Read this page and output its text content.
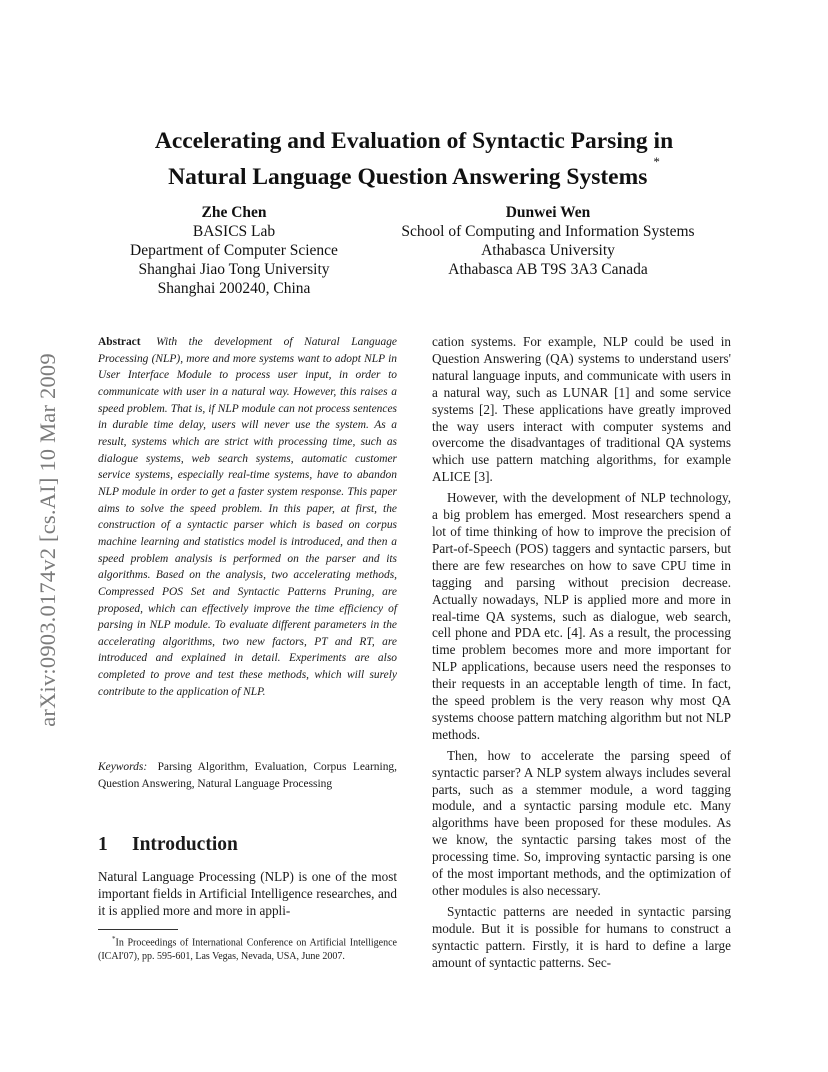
arXiv:0903.0174v2 [cs.AI] 10 Mar 2009
Accelerating and Evaluation of Syntactic Parsing in
Natural Language Question Answering Systems*
Zhe Chen
BASICS Lab
Department of Computer Science
Shanghai Jiao Tong University
Shanghai 200240, China
Dunwei Wen
School of Computing and Information Systems
Athabasca University
Athabasca AB T9S 3A3 Canada
Abstract With the development of Natural Language Processing (NLP), more and more systems want to adopt NLP in User Interface Module to process user input, in order to communicate with user in a natural way. However, this raises a speed problem. That is, if NLP module can not process sentences in durable time delay, users will never use the system. As a result, systems which are strict with processing time, such as dialogue systems, web search systems, automatic customer service systems, especially real-time systems, have to abandon NLP module in order to get a faster system response. This paper aims to solve the speed problem. In this paper, at first, the construction of a syntactic parser which is based on corpus machine learning and statistics model is introduced, and then a speed problem analysis is performed on the parser and its algorithms. Based on the analysis, two accelerating methods, Compressed POS Set and Syntactic Patterns Pruning, are proposed, which can effectively improve the time efficiency of parsing in NLP module. To evaluate different parameters in the accelerating algorithms, two new factors, PT and RT, are introduced and explained in detail. Experiments are also completed to prove and test these methods, which will surely contribute to the application of NLP.
Keywords: Parsing Algorithm, Evaluation, Corpus Learning, Question Answering, Natural Language Processing
1 Introduction

Natural Language Processing (NLP) is one of the most important fields in Artificial Intelligence researches, and it is applied more and more in appli-

*In Proceedings of International Conference on Artificial Intelligence (ICAI'07), pp. 595-601, Las Vegas, Nevada, USA, June 2007.

cation systems. For example, NLP could be used in Question Answering (QA) systems to understand users' natural language inputs, and communicate with users in a natural way, such as LUNAR [1] and some service systems [2]. These applications have greatly improved the way users interact with computer systems and overcome the disadvantages of traditional QA systems which use pattern matching algorithms, for example ALICE [3].

However, with the development of NLP technology, a big problem has emerged. Most researchers spend a lot of time thinking of how to improve the precision of Part-of-Speech (POS) taggers and syntactic parsers, but there are few researches on how to save CPU time in tagging and parsing without precision decrease. Actually nowadays, NLP is applied more and more in real-time QA systems, such as dialogue, web search, cell phone and PDA etc. [4]. As a result, the processing time problem becomes more and more important for NLP applications, because users need the responses to their requests in an acceptable length of time. In fact, the speed problem is the very reason why most QA systems choose pattern matching algorithm but not NLP methods.

Then, how to accelerate the parsing speed of syntactic parser? A NLP system always includes several parts, such as a stemmer module, a word tagging module, and a syntactic parsing module etc. Many algorithms have been proposed for these modules. As we know, the syntactic parsing takes most of the processing time. So, improving syntactic parsing is one of the most important methods, and the optimization of other modules is also necessary.

Syntactic patterns are needed in syntactic parsing module. But it is possible for humans to construct a syntactic pattern. Firstly, it is hard to define a large amount of syntactic patterns. Sec-
